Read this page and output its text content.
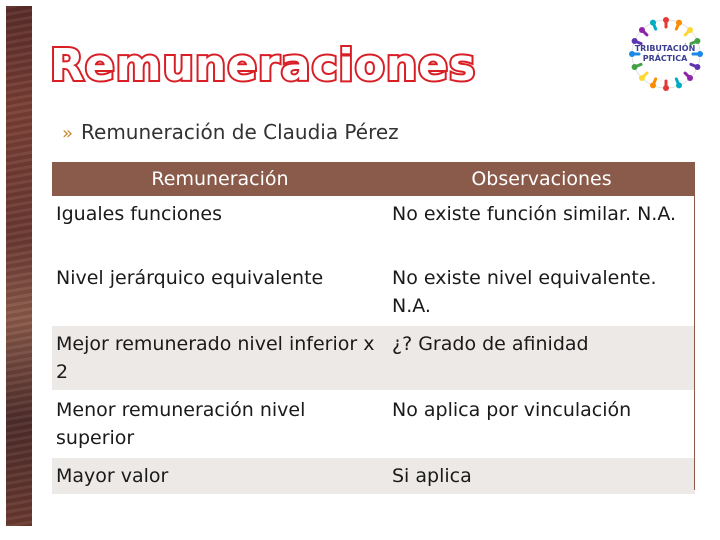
Remuneraciones	TRIBUTACIÓN
PRÁCTICA
» Remuneración de Claudia Pérez
Remuneración	Observaciones
Iguales funciones	No existe función similar. N.A.
Nivel jerárquico equivalente	No existe nivel equivalente. N.A.
Mejor remunerado nivel inferior x 2	¿? Grado de afinidad
Menor remuneración nivel superior	No aplica por vinculación
Mayor valor	Si aplica
